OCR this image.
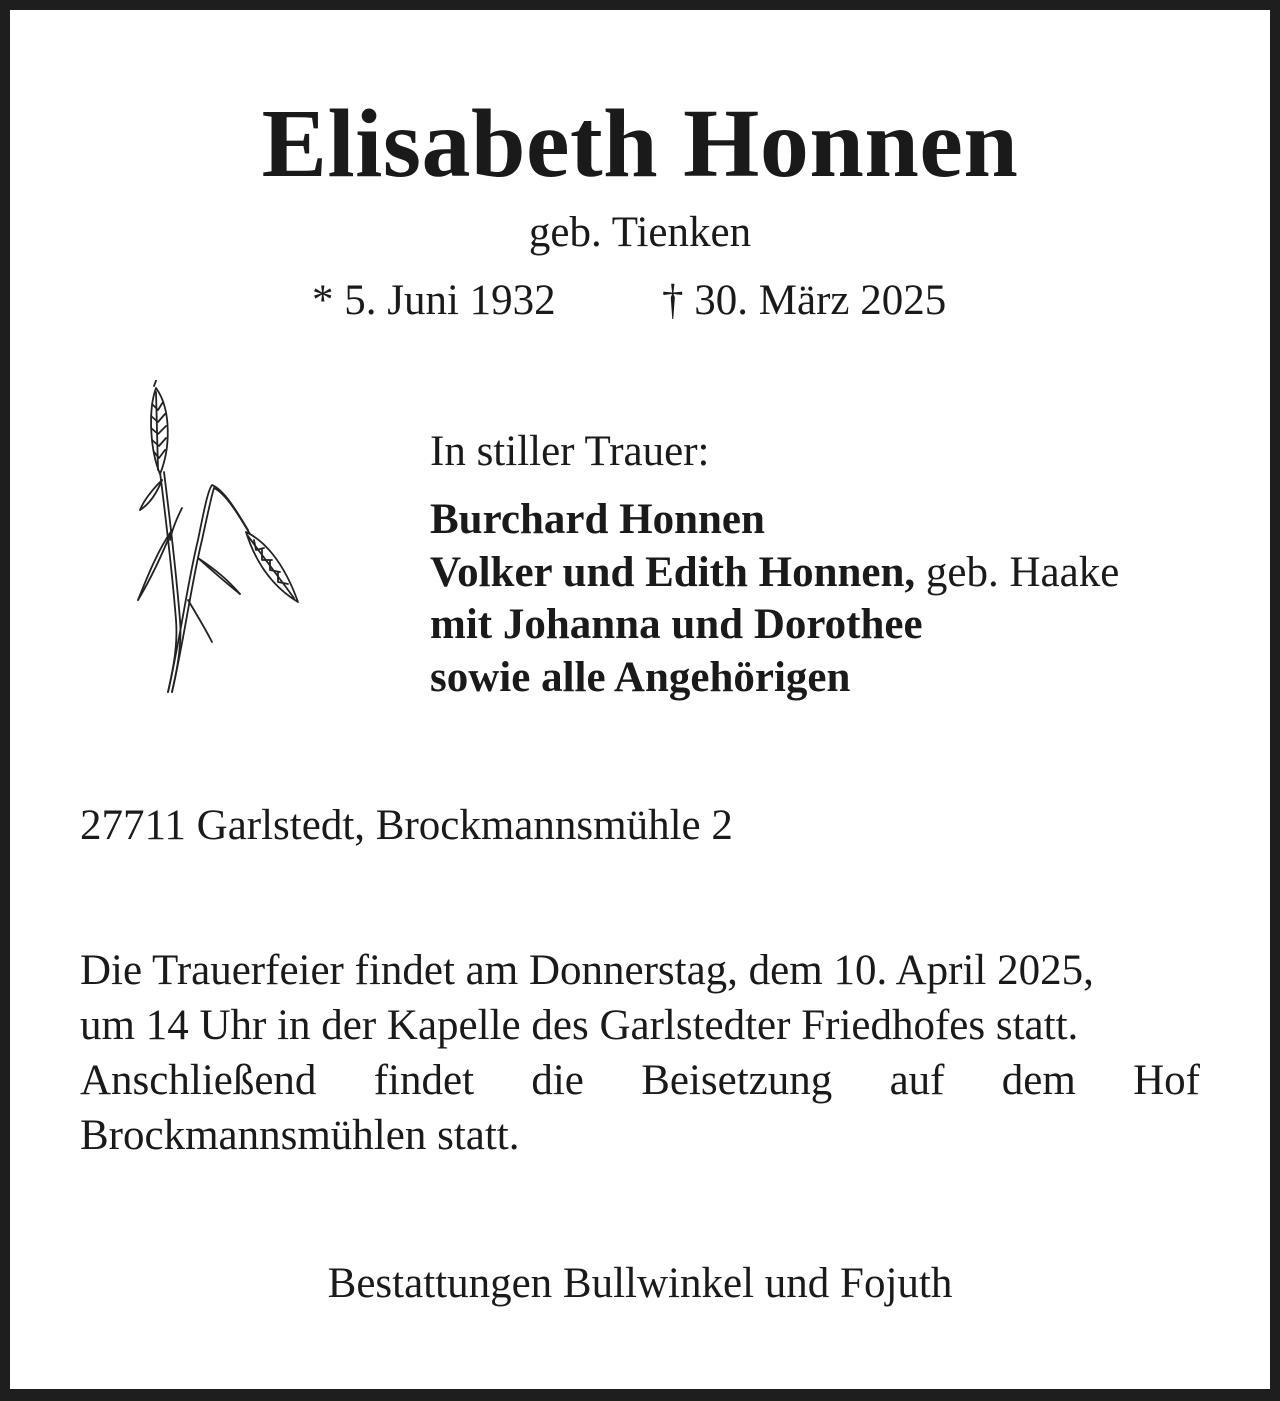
Elisabeth Honnen
geb. Tienken
* 5. Juni 1932 † 30. März 2025
In stiller Trauer:
Burchard Honnen
Volker und Edith Honnen, geb. Haake
mit Johanna und Dorothee
sowie alle Angehörigen
27711 Garlstedt, Brockmannsmühle 2
Die Trauerfeier findet am Donnerstag, dem 10. April 2025,
um 14 Uhr in der Kapelle des Garlstedter Friedhofes statt.
Anschließend findet die Beisetzung auf dem Hof
Brockmannsmühlen statt.
Bestattungen Bullwinkel und Fojuth
